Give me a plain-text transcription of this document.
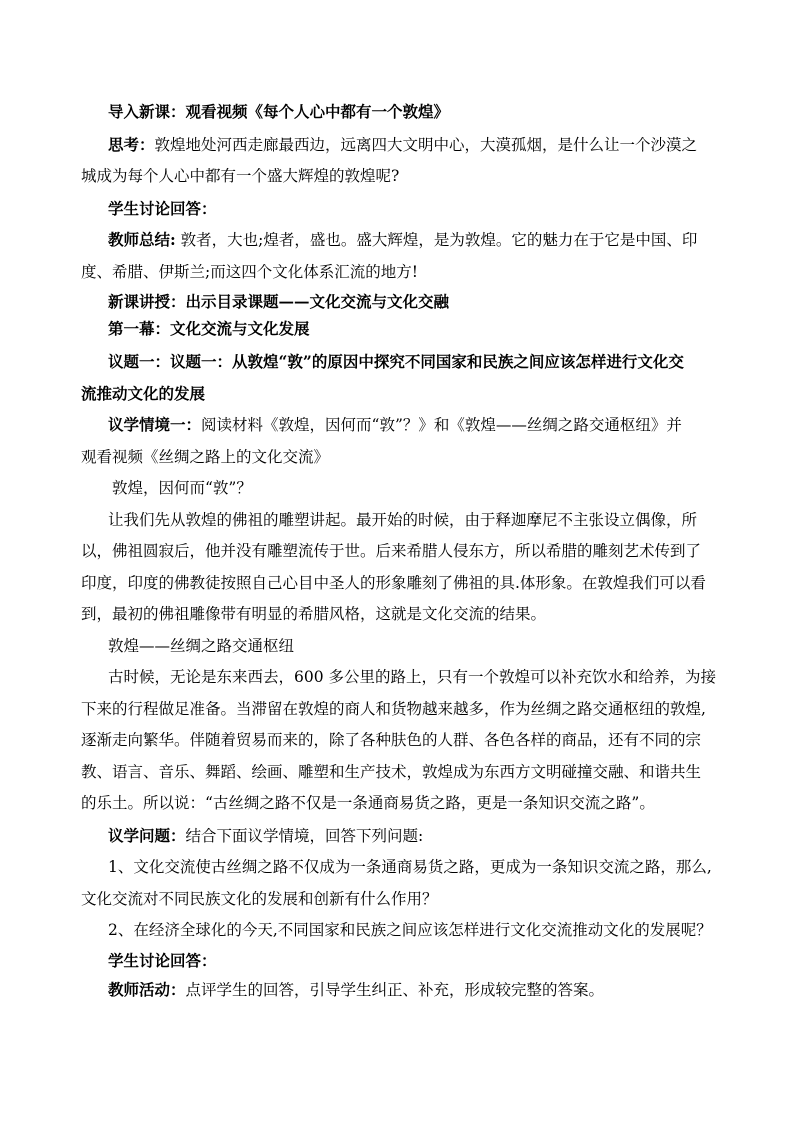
导入新课：观看视频《每个人心中都有一个敦煌》

思考：敦煌地处河西走廊最西边，远离四大文明中心，大漠孤烟，是什么让一个沙漠之

城成为每个人心中都有一个盛大辉煌的敦煌呢?

学生讨论回答：

教师总结: 敦者，大也;煌者，盛也。盛大辉煌，是为敦煌。它的魅力在于它是中国、印

度、希腊、伊斯兰;而这四个文化体系汇流的地方!

新课讲授：出示目录课题——文化交流与文化交融

第一幕：文化交流与文化发展

议题一：议题一：从敦煌“敦”的原因中探究不同国家和民族之间应该怎样进行文化交

流推动文化的发展

议学情境一：阅读材料《敦煌，因何而“敦”？》和《敦煌——丝绸之路交通枢纽》并

观看视频《丝绸之路上的文化交流》

敦煌，因何而“敦”？

让我们先从敦煌的佛祖的雕塑讲起。最开始的时候，由于释迦摩尼不主张设立偶像，所

以，佛祖圆寂后，他并没有雕塑流传于世。后来希腊人侵东方，所以希腊的雕刻艺术传到了

印度，印度的佛教徒按照自己心目中圣人的形象雕刻了佛祖的具.体形象。在敦煌我们可以看

到，最初的佛祖雕像带有明显的希腊风格，这就是文化交流的结果。

敦煌——丝绸之路交通枢纽

古时候，无论是东来西去，600 多公里的路上，只有一个敦煌可以补充饮水和给养，为接

下来的行程做足准备。当滞留在敦煌的商人和货物越来越多，作为丝绸之路交通枢纽的敦煌,

逐渐走向繁华。伴随着贸易而来的，除了各种肤色的人群、各色各样的商品，还有不同的宗

教、语言、音乐、舞蹈、绘画、雕塑和生产技术，敦煌成为东西方文明碰撞交融、和谐共生

的乐土。所以说：“古丝绸之路不仅是一条通商易货之路，更是一条知识交流之路”。

议学问题：结合下面议学情境，回答下列问题:

1、文化交流使古丝绸之路不仅成为一条通商易货之路，更成为一条知识交流之路，那么,

文化交流对不同民族文化的发展和创新有什么作用？

2、在经济全球化的今天,不同国家和民族之间应该怎样进行文化交流推动文化的发展呢？

学生讨论回答：

教师活动：点评学生的回答，引导学生纠正、补充，形成较完整的答案。
